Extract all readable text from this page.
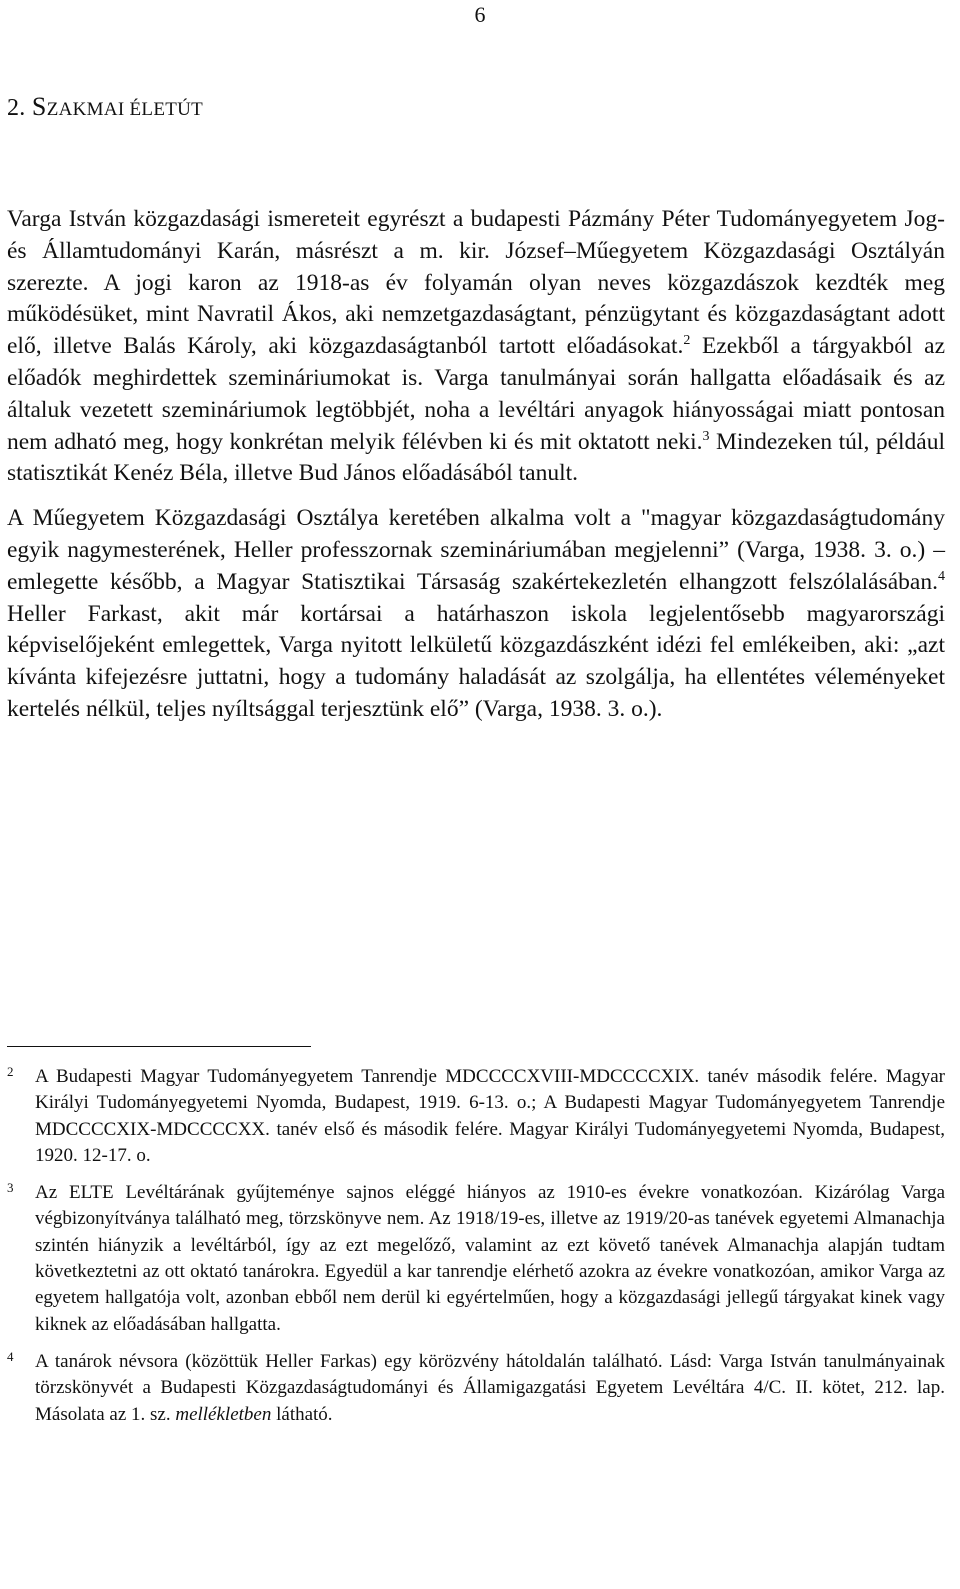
6
2. SZAKMAI ÉLETÚT

Varga István közgazdasági ismereteit egyrészt a budapesti Pázmány Péter Tudományegyetem Jog- és Államtudományi Karán, másrészt a m. kir. József–Műegyetem Közgazdasági Osztályán szerezte. A jogi karon az 1918-as év folyamán olyan neves közgazdászok kezdték meg működésüket, mint Navratil Ákos, aki nemzetgazdaságtant, pénzügytant és közgazdaságtant adott elő, illetve Balás Károly, aki közgazdaságtanból tartott előadásokat.$^2$ Ezekből a tárgyakból az előadók meghirdettek szemináriumokat is. Varga tanulmányai során hallgatta előadásaik és az általuk vezetett szemináriumok legtöbbjét, noha a levéltári anyagok hiányosságai miatt pontosan nem adható meg, hogy konkrétan melyik félévben ki és mit oktatott neki.$^3$ Mindezeken túl, például statisztikát Kenéz Béla, illetve Bud János előadásából tanult.

A Műegyetem Közgazdasági Osztálya keretében alkalma volt a "magyar közgazdaságtudomány egyik nagymesterének, Heller professzornak szemináriumában megjelenni” (Varga, 1938. 3. o.) – emlegette később, a Magyar Statisztikai Társaság szakértekezletén elhangzott felszólalásában.$^4$ Heller Farkast, akit már kortársai a határhaszon iskola legjelentősebb magyarországi képviselőjeként emlegettek, Varga nyitott lelkületű közgazdászként idézi fel emlékeiben, aki: „azt kívánta kifejezésre juttatni, hogy a tudomány haladását az szolgálja, ha ellentétes véleményeket kertelés nélkül, teljes nyíltsággal terjesztünk elő” (Varga, 1938. 3. o.).

2 A Budapesti Magyar Tudományegyetem Tanrendje MDCCCCXVIII-MDCCCCXIX. tanév második felére. Magyar Királyi Tudományegyetemi Nyomda, Budapest, 1919. 6-13. o.; A Budapesti Magyar Tudományegyetem Tanrendje MDCCCCXIX-MDCCCCXX. tanév első és második felére. Magyar Királyi Tudományegyetemi Nyomda, Budapest, 1920. 12-17. o.
3 Az ELTE Levéltárának gyűjteménye sajnos eléggé hiányos az 1910-es évekre vonatkozóan. Kizárólag Varga végbizonyítványa található meg, törzskönyve nem. Az 1918/19-es, illetve az 1919/20-as tanévek egyetemi Almanachja szintén hiányzik a levéltárból, így az ezt megelőző, valamint az ezt követő tanévek Almanachja alapján tudtam következtetni az ott oktató tanárokra. Egyedül a kar tanrendje elérhető azokra az évekre vonatkozóan, amikor Varga az egyetem hallgatója volt, azonban ebből nem derül ki egyértelműen, hogy a közgazdasági jellegű tárgyakat kinek vagy kiknek az előadásában hallgatta.
4 A tanárok névsora (közöttük Heller Farkas) egy körözvény hátoldalán található. Lásd: Varga István tanulmányainak törzskönyvét a Budapesti Közgazdaságtudományi és Államigazgatási Egyetem Levéltára 4/C. II. kötet, 212. lap. Másolata az 1. sz. mellékletben látható.
